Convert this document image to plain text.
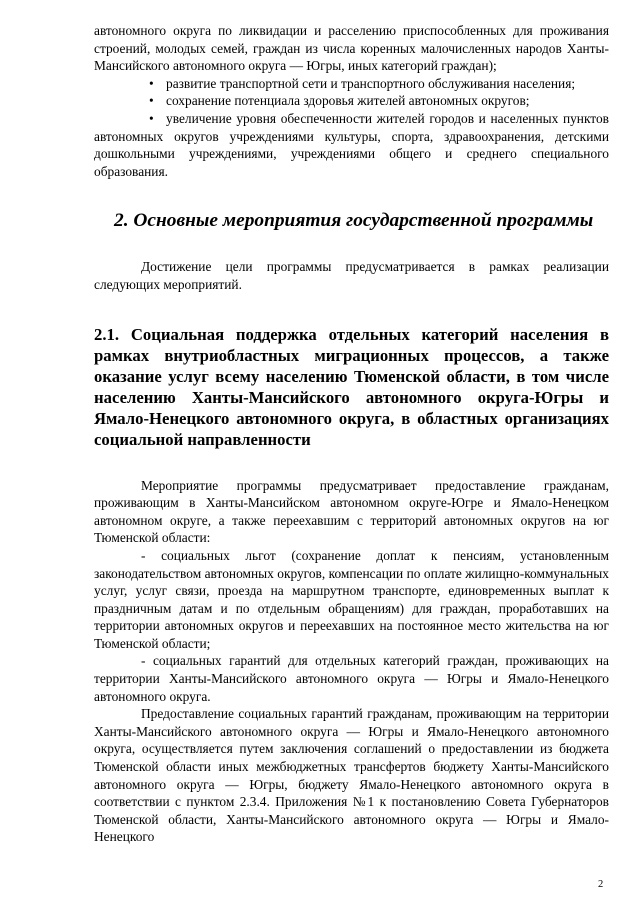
автономного округа по ликвидации и расселению приспособленных для проживания строений, молодых семей, граждан из числа коренных малочисленных народов Ханты-Мансийского автономного округа — Югры, иных категорий граждан);

• развитие транспортной сети и транспортного обслуживания населения;

• сохранение потенциала здоровья жителей автономных округов;

• увеличение уровня обеспеченности жителей городов и населенных пунктов автономных округов учреждениями культуры, спорта, здравоохранения, детскими дошкольными учреждениями, учреждениями общего и среднего специального образования.

2. Основные мероприятия государственной программы

Достижение цели программы предусматривается в рамках реализации следующих мероприятий.

2.1. Социальная поддержка отдельных категорий населения в рамках внутриобластных миграционных процессов, а также оказание услуг всему населению Тюменской области, в том числе населению Ханты-Мансийского автономного округа-Югры и Ямало-Ненецкого автономного округа, в областных организациях социальной направленности

Мероприятие программы предусматривает предоставление гражданам, проживающим в Ханты-Мансийском автономном округе-Югре и Ямало-Ненецком автономном округе, а также переехавшим с территорий автономных округов на юг Тюменской области:

- социальных льгот (сохранение доплат к пенсиям, установленным законодательством автономных округов, компенсации по оплате жилищно-коммунальных услуг, услуг связи, проезда на маршрутном транспорте, единовременных выплат к праздничным датам и по отдельным обращениям) для граждан, проработавших на территории автономных округов и переехавших на постоянное место жительства на юг Тюменской области;

- социальных гарантий для отдельных категорий граждан, проживающих на территории Ханты-Мансийского автономного округа — Югры и Ямало-Ненецкого автономного округа.

Предоставление социальных гарантий гражданам, проживающим на территории Ханты-Мансийского автономного округа — Югры и Ямало-Ненецкого автономного округа, осуществляется путем заключения соглашений о предоставлении из бюджета Тюменской области иных межбюджетных трансфертов бюджету Ханты-Мансийского автономного округа — Югры, бюджету Ямало-Ненецкого автономного округа в соответствии с пунктом 2.3.4. Приложения №1 к постановлению Совета Губернаторов Тюменской области, Ханты-Мансийского автономного округа — Югры и Ямало-Ненецкого

2
